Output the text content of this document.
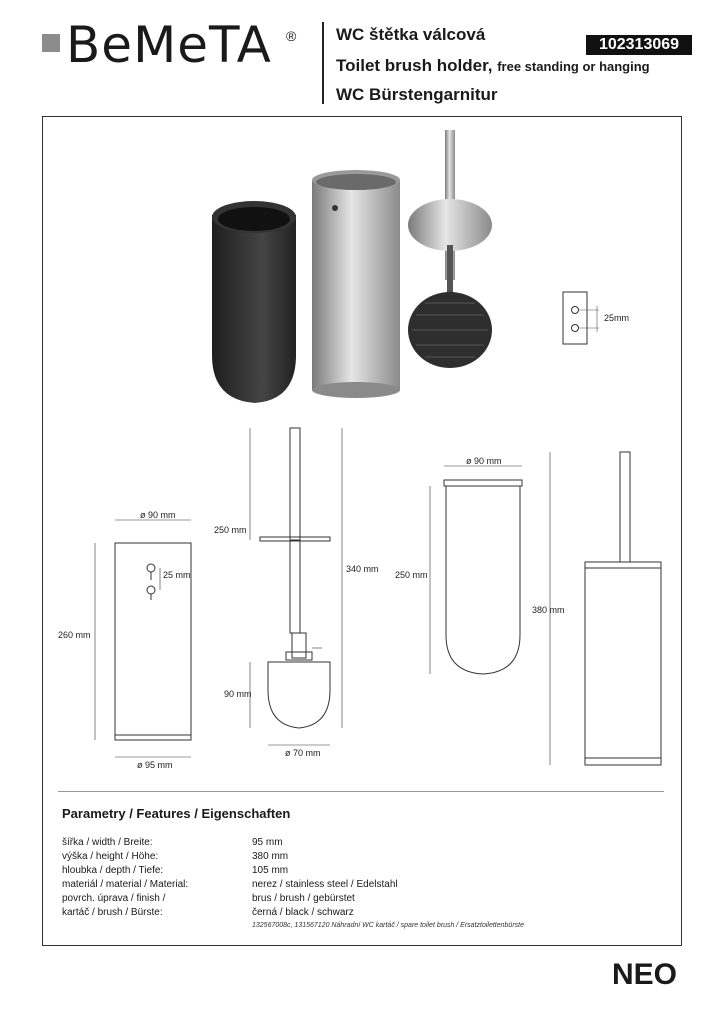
BeMeTA ® WC štětka válcová
Toilet brush holder, free standing or hanging
WC Bürstengarnitur
102313069
25mm
ø 90 mm
25 mm
260 mm
ø 95 mm
250 mm
340 mm
90 mm
ø 70 mm
ø 90 mm
250 mm
380 mm
Parametry / Features / Eigenschaften
šířka / width / Breite:	95 mm
výška / height / Höhe:	380 mm
hloubka / depth / Tiefe:	105 mm
materiál / material / Material:	nerez / stainless steel / Edelstahl
povrch. úprava / finish /	brus / brush / gebürstet
kartáč / brush / Bürste:	černá / black / schwarz
132567008c, 131567120 Náhradní WC kartáč / spare toilet brush / Ersatztoilettenbürste
NEO
